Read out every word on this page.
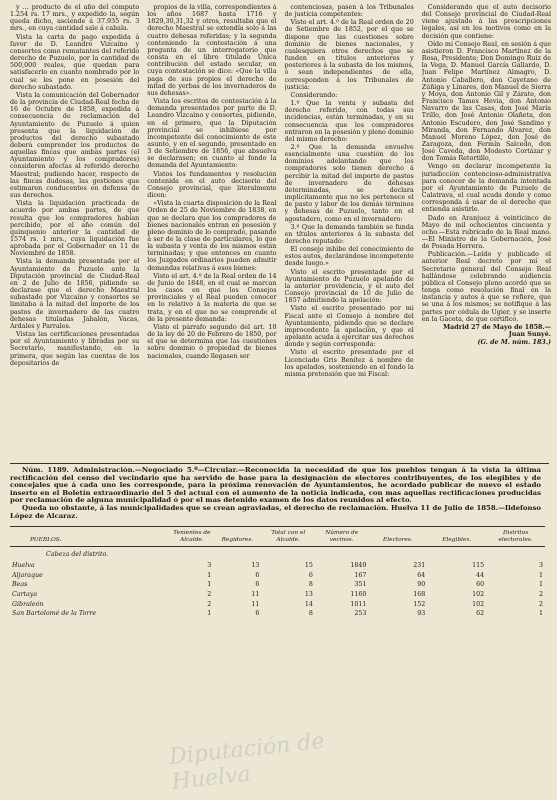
y ... producto de el año del cómputo 1.254 rs. 17 mrs., y expedido la, según queda dicho, asciende á 37.935 rs. 3 mrs., en cuya cantidad sale á cabala.

Vista la carta de pago expedida á favor de D. Leandro Vizcaíno y consortes como rematantes del referido derecho de Puzuelo, por la cantidad de 500,000 reales, que quedan para satisfacerlo en cuanto nombrado por lo cual se les pone en posesión del derecho subastado.

Vista la comunicación del Gobernador de la provincia de Ciudad-Real fecha de 16 de Octubre de 1858, expedida á consecuencia de reclamación del Ayuntamiento de Puzuelo á quien presenta que la liquidación de productos del derecho subastado deberá comprender los productos de aquellas fincas que ambas partes (el Ayuntamiento y los compradores) consideren afectas al referido derecho Maestral; pudiendo hacer, respecto de las fincas dudosas, las gestiones que estimaren conducentes en defensa de sus derechos.

Vista la liquidación practicada de acuerdo por ambas partes, de que resulta que los compradores habían percibido, por el año común del quinquenio anterior la cantidad de 1574 rs. 1 mrs., cuya liquidación fue aprobada por el Gobernador en 11 de Noviembre de 1858.

Vista la demanda presentada por el Ayuntamiento de Puzuelo ante la Diputación provincial de Ciudad-Real en 2 de Julio de 1856, pidiendo se declarase que el derecho Maestral subastado por Vizcaíno y consortes se limitaba á la mitad del importe de los pastos de invernadero de las cuatro dehesas tituladas Jabalón, Vacas, Ardales y Parrales.

Vistas las certificaciones presentadas por el Ayuntamiento y libradas por su Secretario, manifestando, en la primera, que según las cuentas de los depositarios de

propios de la villa, correspondientes á los años 1687 hasta 1716 y 1829,30,31,32 y otros, resultaba que el derecho Maestral se extendía solo á las cuatro dehesas referidas; y la segunda conteniendo la contestación á una pregunta de un interrogatorio que consta en el libro titulado Única contribución del estado secular, en cuya contestación se dice: «Que la villa paga de sus propios el derecho de mitad de yerbas de los invernaderos de sus dehesas».

Vista los escritos de contestación á la demanda presentados por parte de D. Leandro Vizcaíno y consortes, pidiendo, en el primero, que la Diputación provincial se inhibiese por incompetente del conocimiento de este asunto, y en el segundo, presentado en 3 de Setiembre de 1856, que absuelva se declarasen; en cuanto al fondo la demanda del Ayuntamiento:

Vistos los fundamentos y resolución contenida en el auto decisorio del Consejo provincial, que literalmente dicen:

«Vista la cuarta disposición de la Real Orden de 25 de Noviembre de 1838, en que se declara que los compradores de bienes nacionales entran en posesión y pleno dominio de lo comprado, pasando á ser de la clase de particulares, lo que la subasta y venta de los mismos están terminadas; y que entonces en cuanto los Juzgados ordinarios pueden admitir demandas relativas á esos bienes:

Visto el art. 4.º de la Real orden de 14 de Junio de 1848, en el cual se marcan los casos en que los Consejos provinciales y el Real pueden conocer en lo relativo á la materia de que se trata, y en el que no se comprende el de la presente demanda:

Visto el párrafo segundo del art. 10 de la ley de 20 de Febrero de 1850, por el que se determina que las cuestiones sobre dominio ó propiedad de bienes nacionales, cuando llegasen ser

contenciosas, pasen á los Tribunales de justicia competentes:

Visto el art. 4.º de la Real orden de 20 de Setiembre de 1852, por el que se dispone que las cuestiones sobre dominio de bienes nacionales, y cualesquiera otros derechos que se funden en títulos anteriores y posteriores á la subasta de los mismos, ó sean independientes de ella, corresponden á los Tribunales de justicia:

Considerando:

1.º Que la venta y subasta del derecho referido, con todas sus incidencias, están terminadas, y en su consecuencia que los compradores entraron en la posesión y pleno dominio del mismo derecho:

2.º Que la demanda envuelve esencialmente una cuestión de los dominios adelantando que los compradores solo tienen derecho á percibir la mitad del importe de pastos de invernadero de dehesas determinadas, se declara implícitamente que no les pertenece el de pasto y labor de los demás términos y dehesas de Puzuelo, tanto en el agostadero, como en el invernadero:

3.º Que la demanda también se funda en títulos anteriores á la subasta del derecho reputado:

El consejo inhibe del conocimiento de estos autos, declarándose incompetente desde luego.»

Visto el escrito presentado por el Ayuntamiento de Puzuelo apelando de la anterior providencia, y el auto del Consejo provincial de 10 de Julio de 1857 admitiendo la apelación:

Visto el escrito presentado por mi Fiscal ante el Consejo á nombre del Ayuntamiento, pidiendo que se declare improcedente la apelación, y que el apelante acuda á ejercitar sus derechos donde y según corresponda:

Visto el escrito presentado por el Licenciado Gris Benítez á nombre de los apelados, sosteniendo en el fondo la misma pretensión que mi Fiscal:

Considerando que el auto decisorio del Consejo provincial de Ciudad-Real viene ajustado á las prescripciones legales, así en los motivos como en la decisión que contiene:

Oído mi Consejo Real, en sesión á que asistieron D. Francisco Martínez de la Rosa, Presidente; Don Domingo Ruiz de la Vega, D. Manuel García Gallardo, D. Juan Felipe Martínez Almagro, D. Antonio Caballero, don Cayetano de Zúñiga y Linares, don Manuel de Sierra y Moya, don Antonio Gil y Zárate, don Francisco Tames Hevia, don Antonio Navarro de las Casas, don José María Trillo, don José Antonio Olañeta, don Antonio Escudero, don José Sandino y Miranda, don Fernando Álvarez, don Manuel Moreno López, don José de Zaragoza, don Fermín Salcedo, don José Caveda, don Modesto Cortázar y don Tomás Retortillo,

Vengo en declarar incompetente la jurisdicción contencioso-administrativa para conocer de la demanda intentada por el Ayuntamiento de Puzuelo de Calatrava, el cual acuda donde y como corresponda á usar de el derecho que entienda asistirle.

Dado en Aranjuez á veinticinco de Mayo de mil ochocientos cincuenta y ocho.—Está rubricado de la Real mano.—El Ministro de la Gobernación, José de Posada Herrera.

Publicación.—Leído y publicado el anterior Real decreto por mí el Secretario general del Consejo Real hallándose celebrando audiencia pública el Consejo pleno acordó que se tenga como resolución final en la instancia y autos á que se refiere, que se una á los mismos; se notifique á las partes por cédula de Ugier, y se inserte en la Gaceta, de que certifico.

Madrid 27 de Mayo de 1858.—Juan Sunyé.

(G. de M. núm. 183.)

Núm. 1189. Administración.—Negociado 5.º—Circular.—Reconocida la necesidad de que los pueblos tengan á la vista la última rectificación del censo del vecindario que ha servido de base para la designación de electores contribuyentes, de los elegibles y de concejales que á cada uno les corresponde, para la próxima renovación de Ayuntamientos, he acordado publicar de nuevo el estado inserto en el Boletín extraordinario del 5 del actual con el aumento de la noticia indicada, con mas aquellas rectificaciones producidas por reclamación de alguna municipalidad ó por el mas detenido examen de los datos reunidos al efecto.

Queda no obstante, á las municipalidades que se crean agraviadas, el derecho de reclamación. Huelva 11 de Julio de 1858.—Ildefonso López de Alcaraz.

PUEBLOS.	Tenientes de Alcalde.	Regidores.	Total con el Alcalde.	Número de vecinos.	Electores.	Elegibles.	Distritos electorales.
Cabeza del distrito.							
Huelva	3	13	15	1849	231	115	3
Aljaraque	1	6	6	167	64	44	1
Beas	1	6	8	351	90	60	1
Cartaya	2	11	13	1160	168	102	2
Gibraleón	2	11	14	1011	152	102	2
San Bartolomé de la Torre	1	6	8	253	93	62	1
Diputación de Huelva
